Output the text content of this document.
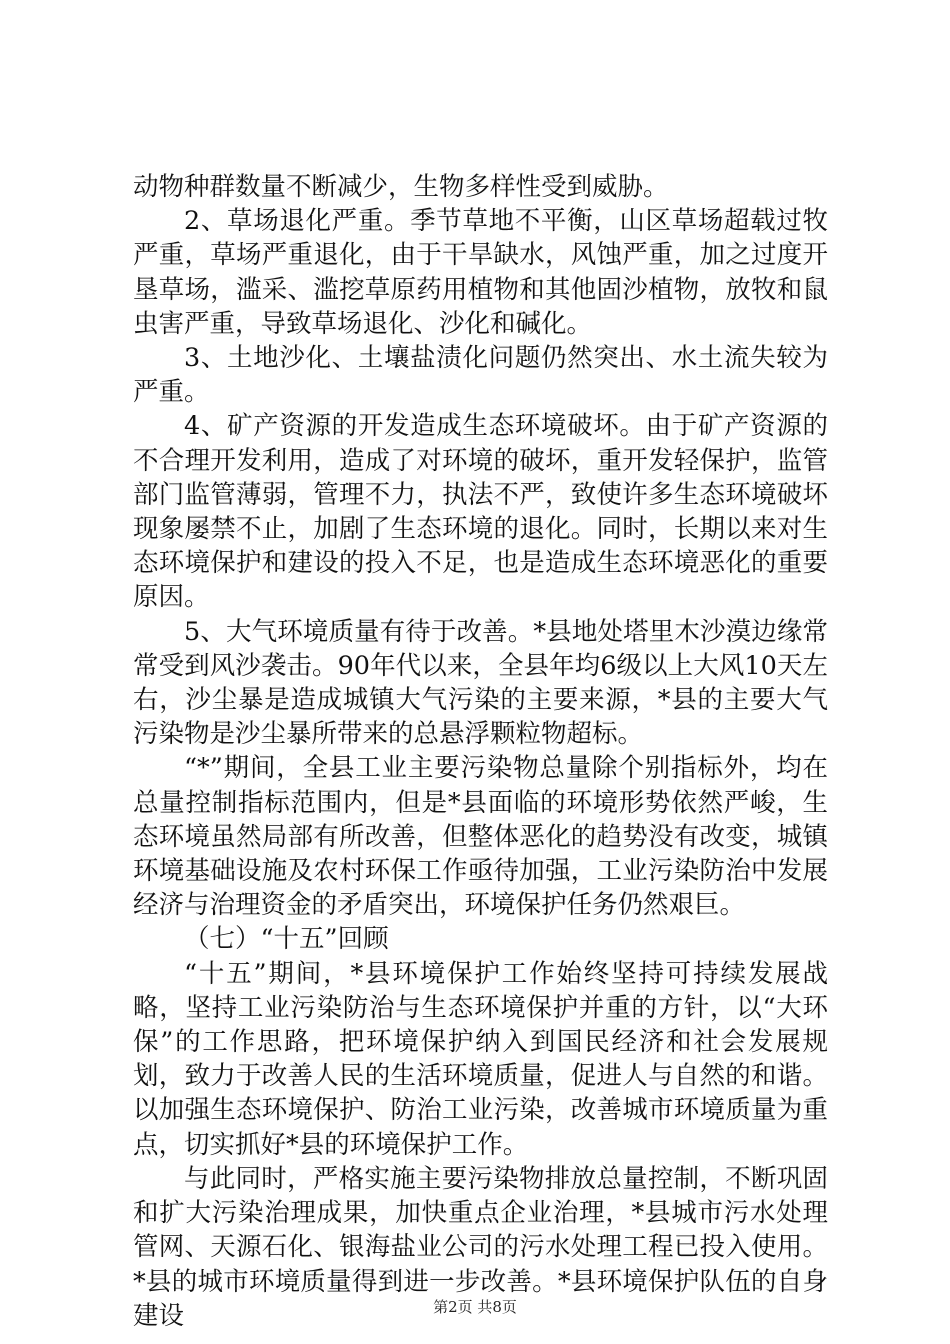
动物种群数量不断减少，生物多样性受到威胁。

2、草场退化严重。季节草地不平衡，山区草场超载过牧严重，草场严重退化，由于干旱缺水，风蚀严重，加之过度开垦草场，滥采、滥挖草原药用植物和其他固沙植物，放牧和鼠虫害严重，导致草场退化、沙化和碱化。

3、土地沙化、土壤盐渍化问题仍然突出、水土流失较为严重。

4、矿产资源的开发造成生态环境破坏。由于矿产资源的不合理开发利用，造成了对环境的破坏，重开发轻保护，监管部门监管薄弱，管理不力，执法不严，致使许多生态环境破坏现象屡禁不止，加剧了生态环境的退化。同时，长期以来对生态环境保护和建设的投入不足，也是造成生态环境恶化的重要原因。

5、大气环境质量有待于改善。*县地处塔里木沙漠边缘常常受到风沙袭击。90年代以来，全县年均6级以上大风10天左右，沙尘暴是造成城镇大气污染的主要来源，*县的主要大气污染物是沙尘暴所带来的总悬浮颗粒物超标。

“*”期间，全县工业主要污染物总量除个别指标外，均在总量控制指标范围内，但是*县面临的环境形势依然严峻，生态环境虽然局部有所改善，但整体恶化的趋势没有改变，城镇环境基础设施及农村环保工作亟待加强，工业污染防治中发展经济与治理资金的矛盾突出，环境保护任务仍然艰巨。

（七）“十五”回顾

“十五”期间，*县环境保护工作始终坚持可持续发展战略，坚持工业污染防治与生态环境保护并重的方针，以“大环保”的工作思路，把环境保护纳入到国民经济和社会发展规划，致力于改善人民的生活环境质量，促进人与自然的和谐。以加强生态环境保护、防治工业污染，改善城市环境质量为重点，切实抓好*县的环境保护工作。

与此同时，严格实施主要污染物排放总量控制，不断巩固和扩大污染治理成果，加快重点企业治理，*县城市污水处理管网、天源石化、银海盐业公司的污水处理工程已投入使用。*县的城市环境质量得到进一步改善。*县环境保护队伍的自身建设	第2页 共8页
